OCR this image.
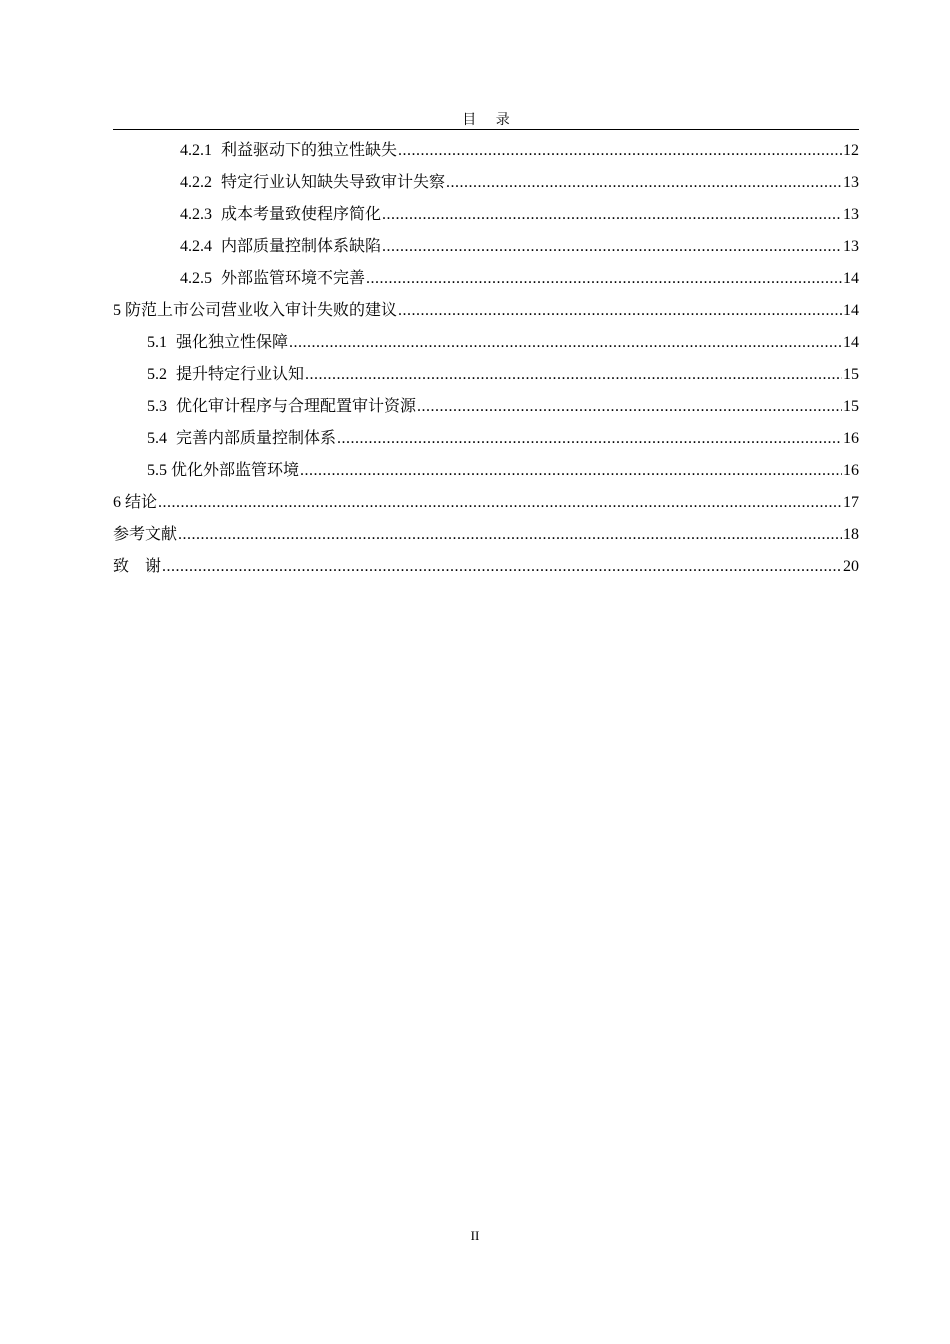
目 录
4.2.1 利益驱动下的独立性缺失 .....	12
4.2.2 特定行业认知缺失导致审计失察 .....	13
4.2.3 成本考量致使程序简化 .....	13
4.2.4 内部质量控制体系缺陷 .....	13
4.2.5 外部监管环境不完善 .....	14
5 防范上市公司营业收入审计失败的建议 .....	14
5.1 强化独立性保障 .....	14
5.2 提升特定行业认知 .....	15
5.3 优化审计程序与合理配置审计资源 .....	15
5.4 完善内部质量控制体系 .....	16
5.5 优化外部监管环境 .....	16
6 结论 .....	17
参考文献 .....	18
致　谢 .....	20
II
